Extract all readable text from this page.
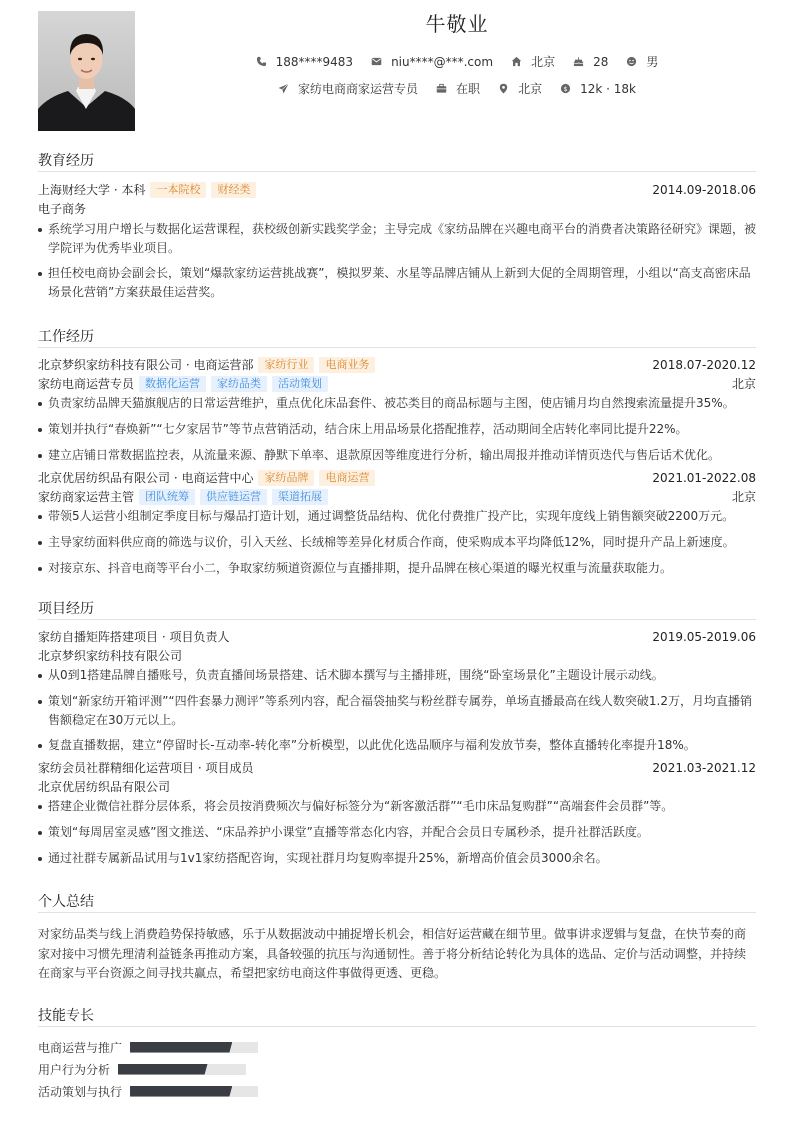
牛敬业
188****9483	niu****@***.com	北京	28	男
家纺电商商家运营专员	在职	北京	$ 12k · 18k
教育经历
上海财经大学 · 本科	一本院校	财经类	2014.09-2018.06
电子商务
系统学习用户增长与数据化运营课程，获校级创新实践奖学金；主导完成《家纺品牌在兴趣电商平台的消费者决策路径研究》课题，被学院评为优秀毕业项目。
担任校电商协会副会长，策划“爆款家纺运营挑战赛”，模拟罗莱、水星等品牌店铺从上新到大促的全周期管理，小组以“高支高密床品场景化营销”方案获最佳运营奖。
工作经历
北京梦织家纺科技有限公司 · 电商运营部	家纺行业	电商业务	2018.07-2020.12
家纺电商运营专员	数据化运营	家纺品类	活动策划	北京
负责家纺品牌天猫旗舰店的日常运营维护，重点优化床品套件、被芯类目的商品标题与主图，使店铺月均自然搜索流量提升35%。
策划并执行“春焕新”“七夕家居节”等节点营销活动，结合床上用品场景化搭配推荐，活动期间全店转化率同比提升22%。
建立店铺日常数据监控表，从流量来源、静默下单率、退款原因等维度进行分析，输出周报并推动详情页迭代与售后话术优化。
北京优居纺织品有限公司 · 电商运营中心	家纺品牌	电商运营	2021.01-2022.08
家纺商家运营主管	团队统筹	供应链运营	渠道拓展	北京
带领5人运营小组制定季度目标与爆品打造计划，通过调整货品结构、优化付费推广投产比，实现年度线上销售额突破2200万元。
主导家纺面料供应商的筛选与议价，引入天丝、长绒棉等差异化材质合作商，使采购成本平均降低12%，同时提升产品上新速度。
对接京东、抖音电商等平台小二，争取家纺频道资源位与直播排期，提升品牌在核心渠道的曝光权重与流量获取能力。
项目经历
家纺自播矩阵搭建项目 · 项目负责人	2019.05-2019.06
北京梦织家纺科技有限公司
从0到1搭建品牌自播账号，负责直播间场景搭建、话术脚本撰写与主播排班，围绕“卧室场景化”主题设计展示动线。
策划“新家纺开箱评测”“四件套暴力测评”等系列内容，配合福袋抽奖与粉丝群专属券，单场直播最高在线人数突破1.2万，月均直播销售额稳定在30万元以上。
复盘直播数据，建立“停留时长-互动率-转化率”分析模型，以此优化选品顺序与福利发放节奏，整体直播转化率提升18%。
家纺会员社群精细化运营项目 · 项目成员	2021.03-2021.12
北京优居纺织品有限公司
搭建企业微信社群分层体系，将会员按消费频次与偏好标签分为“新客激活群”“毛巾床品复购群”“高端套件会员群”等。
策划“每周居室灵感”图文推送、“床品养护小课堂”直播等常态化内容，并配合会员日专属秒杀，提升社群活跃度。
通过社群专属新品试用与1v1家纺搭配咨询，实现社群月均复购率提升25%，新增高价值会员3000余名。
个人总结
对家纺品类与线上消费趋势保持敏感，乐于从数据波动中捕捉增长机会，相信好运营藏在细节里。做事讲求逻辑与复盘，在快节奏的商家对接中习惯先理清利益链条再推动方案，具备较强的抗压与沟通韧性。善于将分析结论转化为具体的选品、定价与活动调整，并持续在商家与平台资源之间寻找共赢点，希望把家纺电商这件事做得更透、更稳。
技能专长
电商运营与推广
用户行为分析
活动策划与执行
